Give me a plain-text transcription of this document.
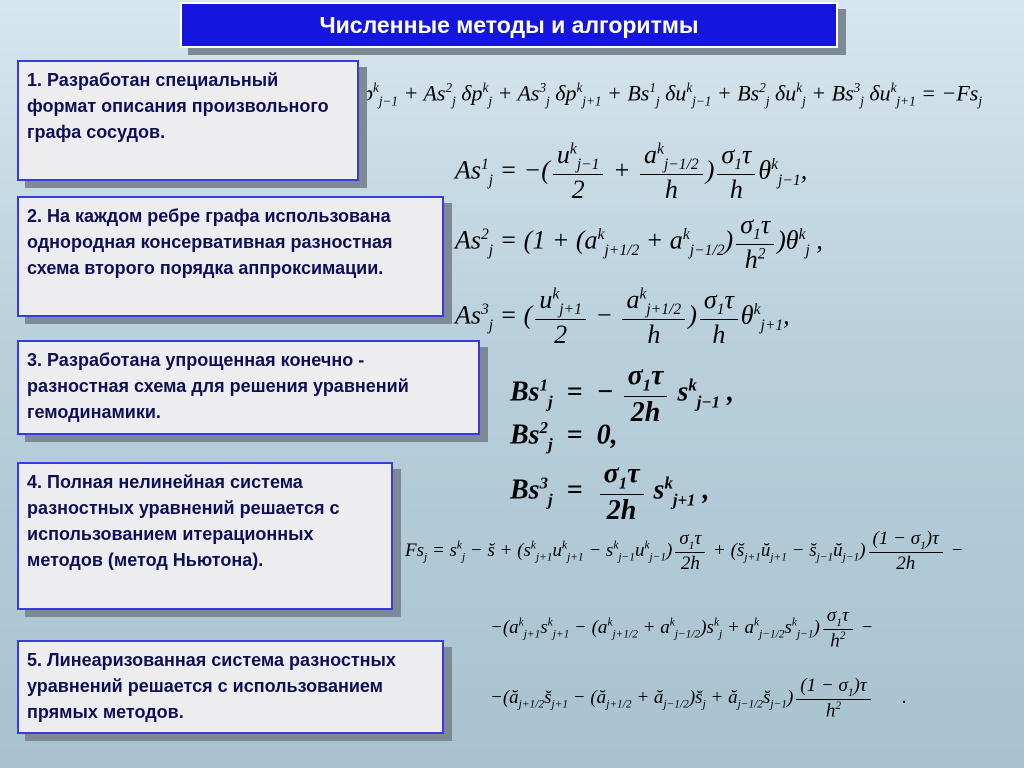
Численные методы и алгоритмы
$p^k_{j-1} + As^2_j$ $\delta p^k_j + As^3_j$ $\delta p^k_{j+1} + Bs^1_j$ $\delta u^k_{j-1} + Bs^2_j$ $\delta u^k_j + Bs^3_j$ $\delta u^k_{j+1} = -Fs_j$
$As^1_j$ = −( $\frac{u^k_{j-1}}{2} + \frac{a^k_{j-1/2}}{h}$ ) $\frac{\sigma_1\tau}{h} \theta^k_{j-1}$,
$As^2_j = (1 + (a^k_{j+1/2} + a^k_{j-1/2}) \frac{\sigma_1\tau}{h^2} )\theta^k_j$ ,
$As^3_j$ = ( $\frac{u^k_{j+1}}{2} - \frac{a^k_{j+1/2}}{h}$ ) $\frac{\sigma_1\tau}{h} \theta^k_{j+1}$,
$Bs^1_j$  =  − $\frac{\sigma_1\tau}{2h} s^k_{j-1}$ ,
$Bs^2_j = 0$,
$Bs^3_j = \frac{\sigma_1\tau}{2h} s^k_{j+1}$ ,
$Fs_j = s^k_j$ − s̆ + $(s^k_{j+1}u^k_{j+1} - s^k_{j-1}u^k_{j-1}) \frac{\sigma_1\tau}{2h}$ + ($s̆_{j+1}ŭ_{j+1}$ − $s̆_{j-1}ŭ_{j-1}) \frac{(1 - \sigma_1)\tau}{2h}$ −
$-(a^k_{j+1}s^k_{j+1} - (a^k_{j+1/2} + a^k_{j-1/2})s^k_j + a^k_{j-1/2}s^k_{j-1}) \frac{\sigma_1\tau}{h^2}$ −
$-(ă_{j+1/2}s̆_{j+1}$ − ($ă_{j+1/2}$ + $ă_{j-1/2})s̆_j$ + $ă_{j-1/2}s̆_{j-1}) \frac{(1 - \sigma_1)\tau}{h^2}$ .
1. Разработан специальный формат описания произвольного графа сосудов.
2. На каждом ребре графа использована однородная консервативная разностная схема второго порядка аппроксимации.
3. Разработана упрощенная конечно - разностная схема для решения уравнений гемодинамики.
4. Полная нелинейная система разностных уравнений решается с использованием итерационных методов (метод Ньютона).
5. Линеаризованная система разностных уравнений решается с использованием прямых методов.
